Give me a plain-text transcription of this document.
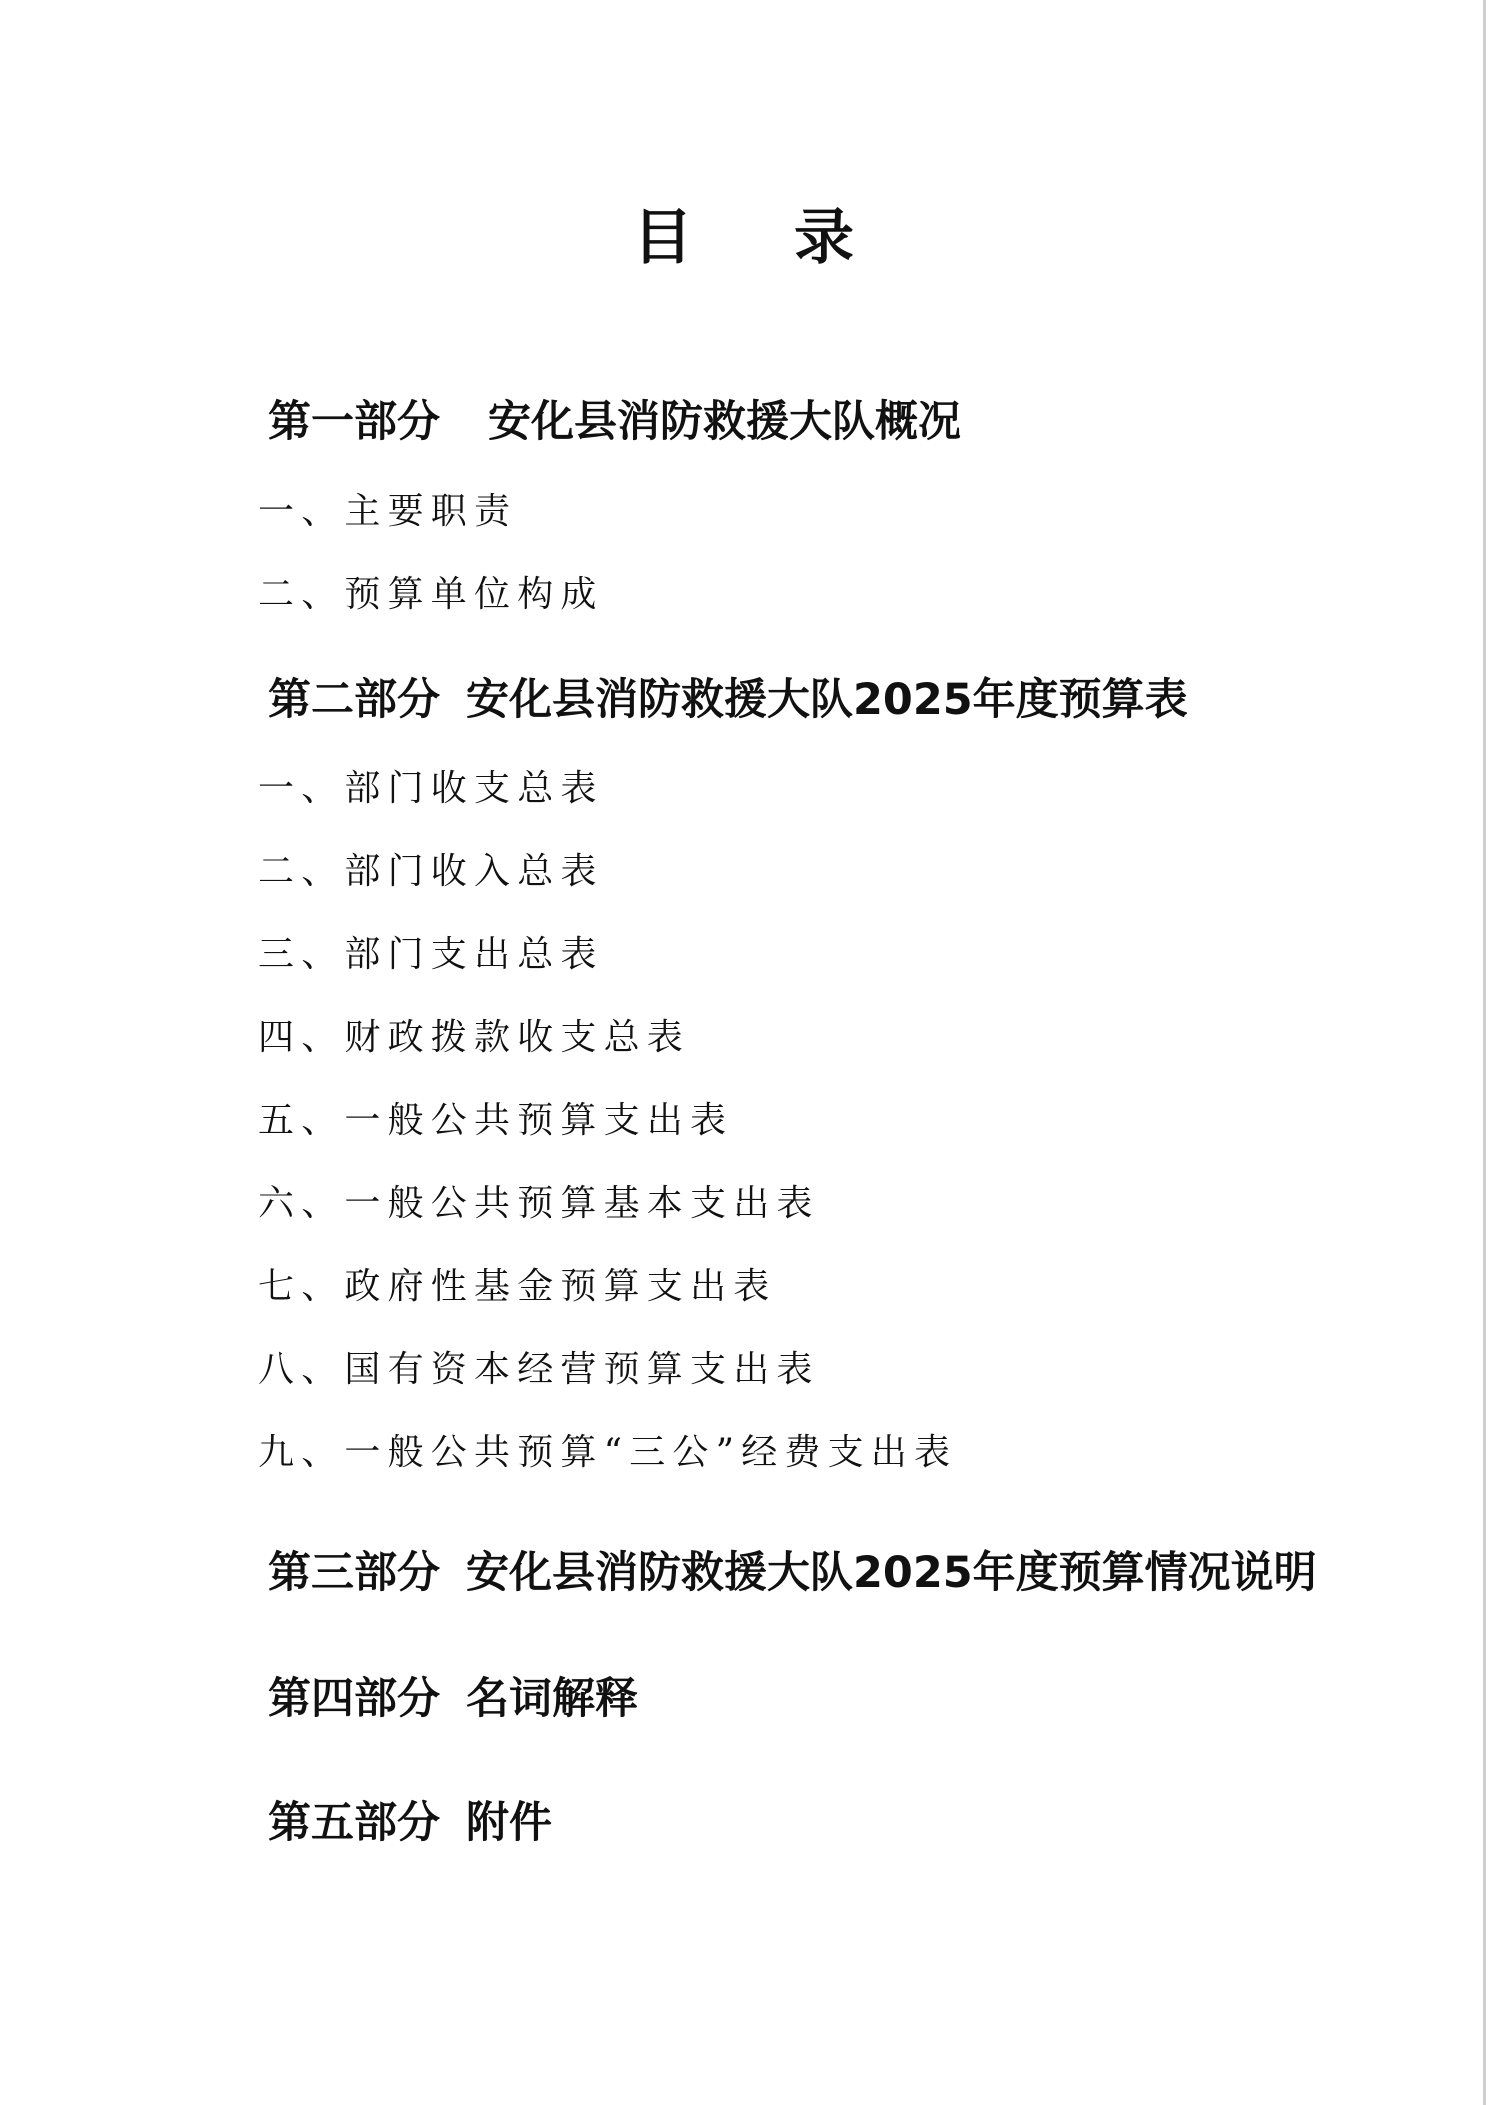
目 录
第一部分 安化县消防救援大队概况
一、主要职责
二、预算单位构成
第二部分 安化县消防救援大队2025年度预算表
一、部门收支总表
二、部门收入总表
三、部门支出总表
四、财政拨款收支总表
五、一般公共预算支出表
六、一般公共预算基本支出表
七、政府性基金预算支出表
八、国有资本经营预算支出表
九、一般公共预算“三公”经费支出表
第三部分 安化县消防救援大队2025年度预算情况说明
第四部分 名词解释
第五部分 附件
